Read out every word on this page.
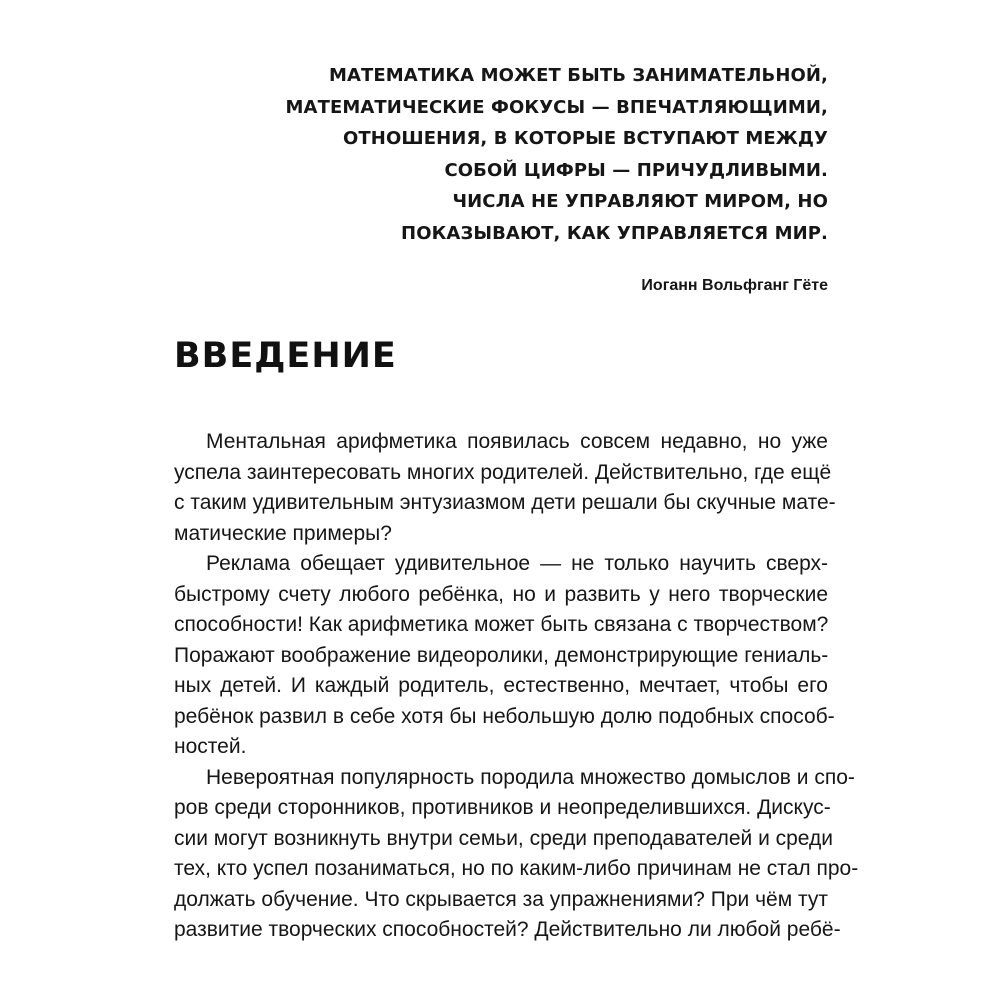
МАТЕМАТИКА МОЖЕТ БЫТЬ ЗАНИМАТЕЛЬНОЙ,
МАТЕМАТИЧЕСКИЕ ФОКУСЫ — ВПЕЧАТЛЯЮЩИМИ,
ОТНОШЕНИЯ, В КОТОРЫЕ ВСТУПАЮТ МЕЖДУ
СОБОЙ ЦИФРЫ — ПРИЧУДЛИВЫМИ.
ЧИСЛА НЕ УПРАВЛЯЮТ МИРОМ, НО
ПОКАЗЫВАЮТ, КАК УПРАВЛЯЕТСЯ МИР.
Иоганн Вольфганг Гёте
ВВЕДЕНИЕ

Ментальная арифметика появилась совсем недавно, но уже
успела заинтересовать многих родителей. Действительно, где ещё
с таким удивительным энтузиазмом дети решали бы скучные мате-
матические примеры?

Реклама обещает удивительное — не только научить сверх-
быстрому счету любого ребёнка, но и развить у него творческие
способности! Как арифметика может быть связана с творчеством?
Поражают воображение видеоролики, демонстрирующие гениаль-
ных детей. И каждый родитель, естественно, мечтает, чтобы его
ребёнок развил в себе хотя бы небольшую долю подобных способ-
ностей.

Невероятная популярность породила множество домыслов и спо-
ров среди сторонников, противников и неопределившихся. Дискус-
сии могут возникнуть внутри семьи, среди преподавателей и среди
тех, кто успел позаниматься, но по каким-либо причинам не стал про-
должать обучение. Что скрывается за упражнениями? При чём тут
развитие творческих способностей? Действительно ли любой ребё-
